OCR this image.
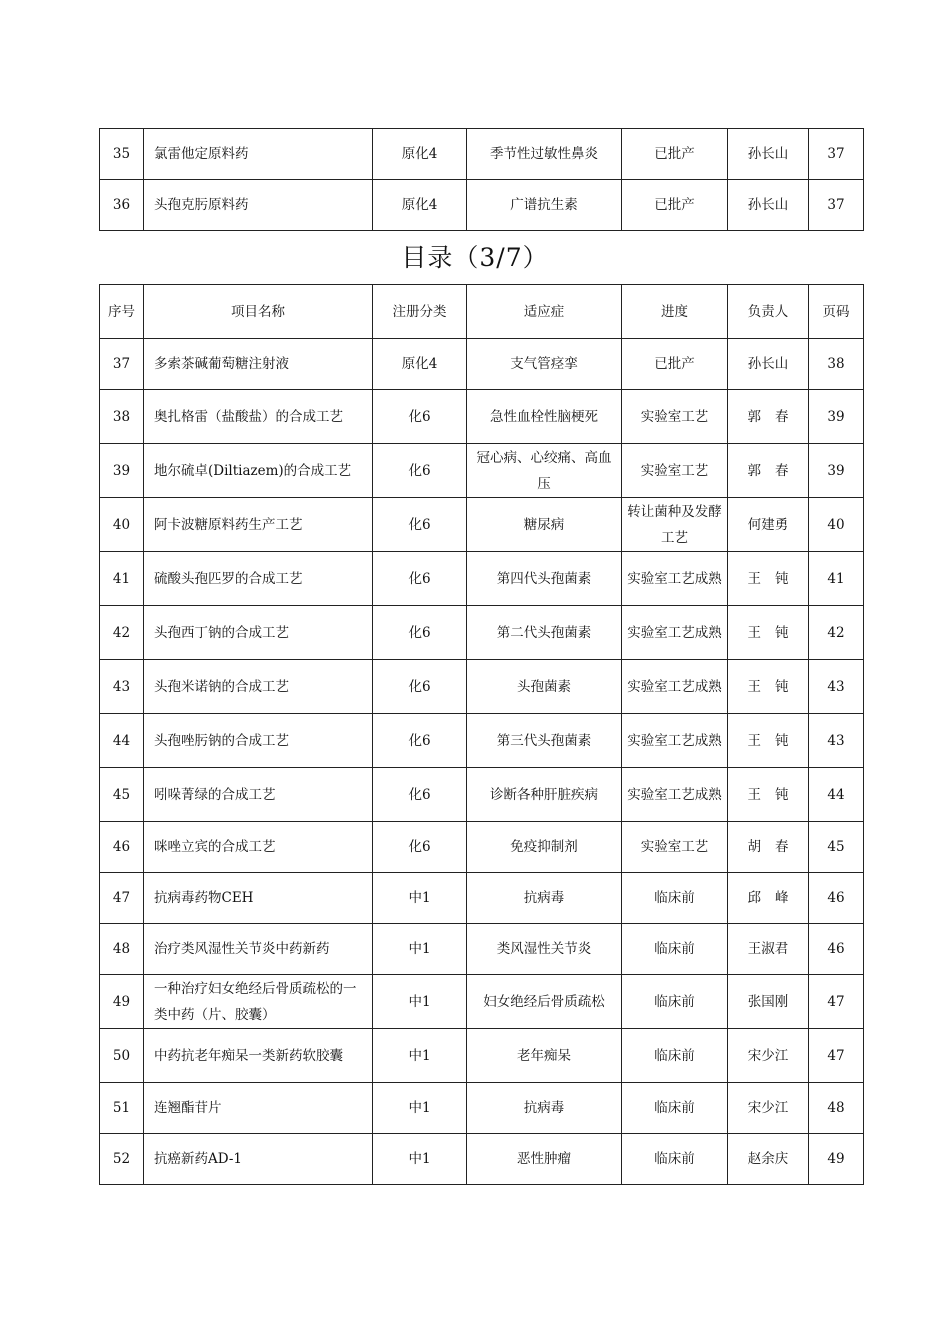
35	氯雷他定原料药	原化4	季节性过敏性鼻炎	已批产	孙长山	37
36	头孢克肟原料药	原化4	广谱抗生素	已批产	孙长山	37
目录（3/7）
序号	项目名称	注册分类	适应症	进度	负责人	页码
37	多索茶碱葡萄糖注射液	原化4	支气管痉挛	已批产	孙长山	38
38	奥扎格雷（盐酸盐）的合成工艺	化6	急性血栓性脑梗死	实验室工艺	郭春	39
39	地尔硫卓(Diltiazem)的合成工艺	化6	冠心病、心绞痛、高血压	实验室工艺	郭春	39
40	阿卡波糖原料药生产工艺	化6	糖尿病	转让菌种及发酵工艺	何建勇	40
41	硫酸头孢匹罗的合成工艺	化6	第四代头孢菌素	实验室工艺成熟	王钝	41
42	头孢西丁钠的合成工艺	化6	第二代头孢菌素	实验室工艺成熟	王钝	42
43	头孢米诺钠的合成工艺	化6	头孢菌素	实验室工艺成熟	王钝	43
44	头孢唑肟钠的合成工艺	化6	第三代头孢菌素	实验室工艺成熟	王钝	43
45	吲哚菁绿的合成工艺	化6	诊断各种肝脏疾病	实验室工艺成熟	王钝	44
46	咪唑立宾的合成工艺	化6	免疫抑制剂	实验室工艺	胡春	45
47	抗病毒药物CEH	中1	抗病毒	临床前	邱峰	46
48	治疗类风湿性关节炎中药新药	中1	类风湿性关节炎	临床前	王淑君	46
49	一种治疗妇女绝经后骨质疏松的一类中药（片、胶囊）	中1	妇女绝经后骨质疏松	临床前	张国刚	47
50	中药抗老年痴呆一类新药软胶囊	中1	老年痴呆	临床前	宋少江	47
51	连翘酯苷片	中1	抗病毒	临床前	宋少江	48
52	抗癌新药AD-1	中1	恶性肿瘤	临床前	赵余庆	49
